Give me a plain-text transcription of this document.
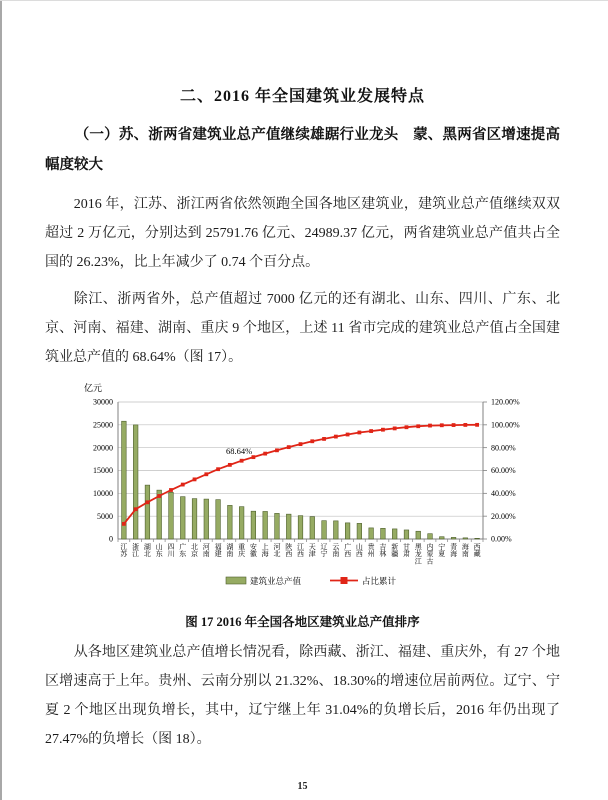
二、2016 年全国建筑业发展特点
（一）苏、浙两省建筑业总产值继续雄踞行业龙头　蒙、黑两省区增速提高幅度较大

2016 年，江苏、浙江两省依然领跑全国各地区建筑业，建筑业总产值继续双双超过 2 万亿元，分别达到 25791.76 亿元、24989.37 亿元，两省建筑业总产值共占全国的 26.23%，比上年减少了 0.74 个百分点。

除江、浙两省外，总产值超过 7000 亿元的还有湖北、山东、四川、广东、北京、河南、福建、湖南、重庆 9 个地区，上述 11 省市完成的建筑业总产值占全国建筑业总产值的 68.64%（图 17）。

0
5000
10000
15000
20000
25000
30000
0.00%
20.00%
40.00%
60.00%
80.00%
100.00%
120.00%
亿元
68.64%
江苏
浙江
湖北
山东
四川
广东
北京
河南
福建
湖南
重庆
安徽
上海
河北
陕西
江西
天津
辽宁
云南
广西
山西
贵州
吉林
新疆
甘肃
黑龙江
内蒙古
宁夏
青海
海南
西藏
建筑业总产值	占比累计
图 17 2016 年全国各地区建筑业总产值排序

从各地区建筑业总产值增长情况看，除西藏、浙江、福建、重庆外，有 27 个地区增速高于上年。贵州、云南分别以 21.32%、18.30%的增速位居前两位。辽宁、宁夏 2 个地区出现负增长，其中，辽宁继上年 31.04%的负增长后，2016 年仍出现了 27.47%的负增长（图 18）。

15
